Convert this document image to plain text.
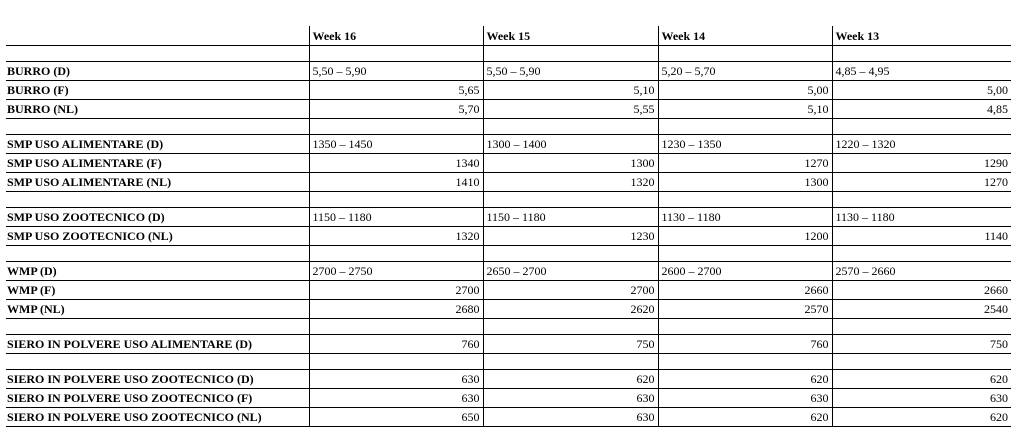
	Week 16	Week 15	Week 14	Week 13

BURRO (D)	5,50 – 5,90	5,50 – 5,90	5,20 – 5,70	4,85 – 4,95
BURRO (F)	5,65	5,10	5,00	5,00
BURRO (NL)	5,70	5,55	5,10	4,85

SMP USO ALIMENTARE (D)	1350 – 1450	1300 – 1400	1230 – 1350	1220 – 1320
SMP USO ALIMENTARE (F)	1340	1300	1270	1290
SMP USO ALIMENTARE (NL)	1410	1320	1300	1270

SMP USO ZOOTECNICO (D)	1150 – 1180	1150 – 1180	1130 – 1180	1130 – 1180
SMP USO ZOOTECNICO (NL)	1320	1230	1200	1140

WMP (D)	2700 – 2750	2650 – 2700	2600 – 2700	2570 – 2660
WMP (F)	2700	2700	2660	2660
WMP (NL)	2680	2620	2570	2540

SIERO IN POLVERE USO ALIMENTARE (D)	760	750	760	750

SIERO IN POLVERE USO ZOOTECNICO (D)	630	620	620	620
SIERO IN POLVERE USO ZOOTECNICO (F)	630	630	630	630
SIERO IN POLVERE USO ZOOTECNICO (NL)	650	630	620	620
